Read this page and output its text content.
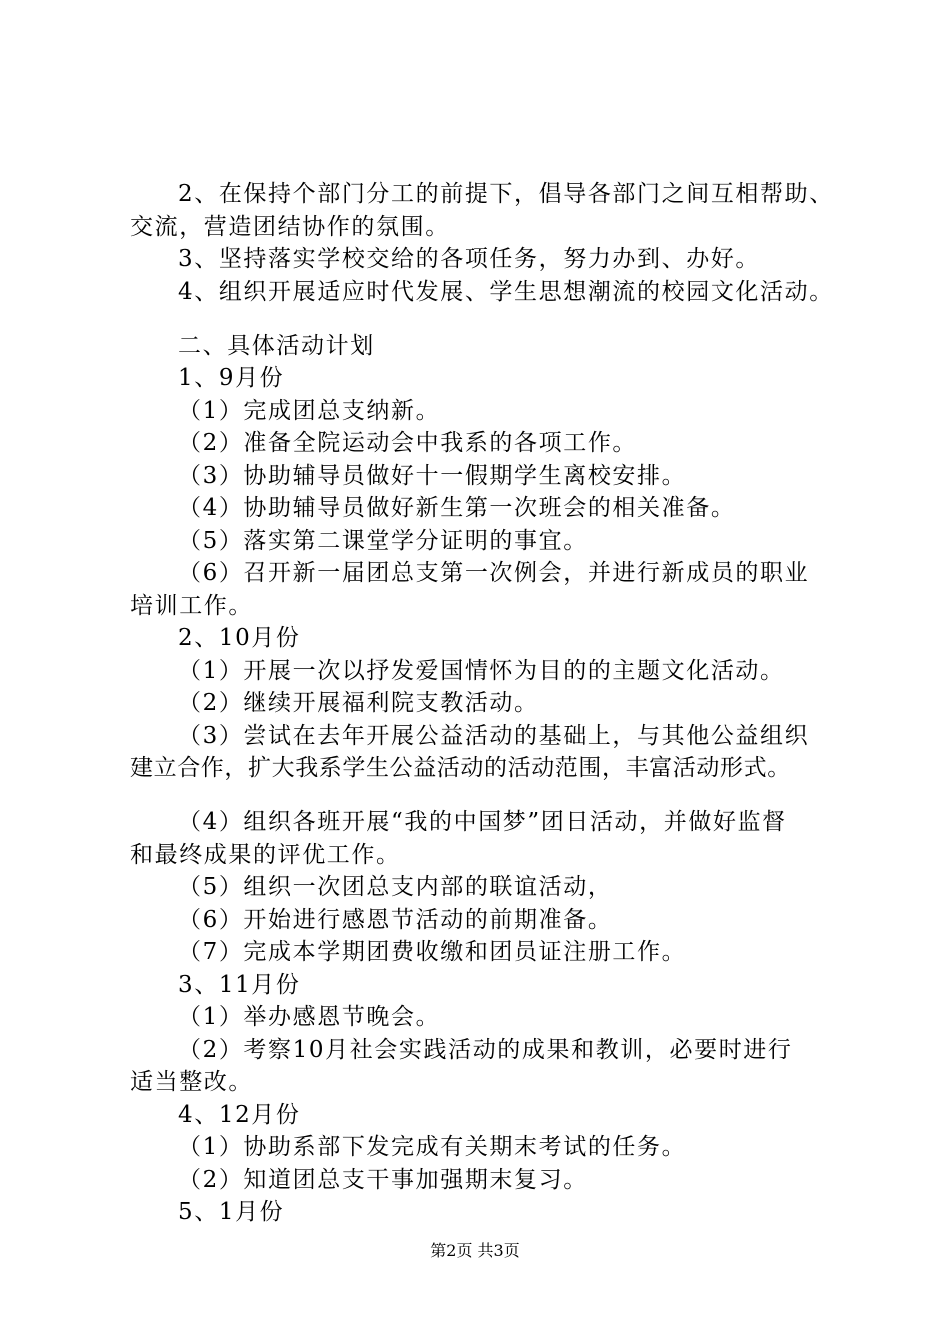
2、在保持个部门分工的前提下，倡导各部门之间互相帮助、
交流，营造团结协作的氛围。
3、坚持落实学校交给的各项任务，努力办到、办好。
4、组织开展适应时代发展、学生思想潮流的校园文化活动。
二、具体活动计划
1、9月份
（1）完成团总支纳新。
（2）准备全院运动会中我系的各项工作。
（3）协助辅导员做好十一假期学生离校安排。
（4）协助辅导员做好新生第一次班会的相关准备。
（5）落实第二课堂学分证明的事宜。
（6）召开新一届团总支第一次例会，并进行新成员的职业
培训工作。
2、10月份
（1）开展一次以抒发爱国情怀为目的的主题文化活动。
（2）继续开展福利院支教活动。
（3）尝试在去年开展公益活动的基础上，与其他公益组织
建立合作，扩大我系学生公益活动的活动范围，丰富活动形式。
（4）组织各班开展“我的中国梦”团日活动，并做好监督
和最终成果的评优工作。
（5）组织一次团总支内部的联谊活动，
（6）开始进行感恩节活动的前期准备。
（7）完成本学期团费收缴和团员证注册工作。
3、11月份
（1）举办感恩节晚会。
（2）考察10月社会实践活动的成果和教训，必要时进行
适当整改。
4、12月份
（1）协助系部下发完成有关期末考试的任务。
（2）知道团总支干事加强期末复习。
5、1月份
第2页 共3页
